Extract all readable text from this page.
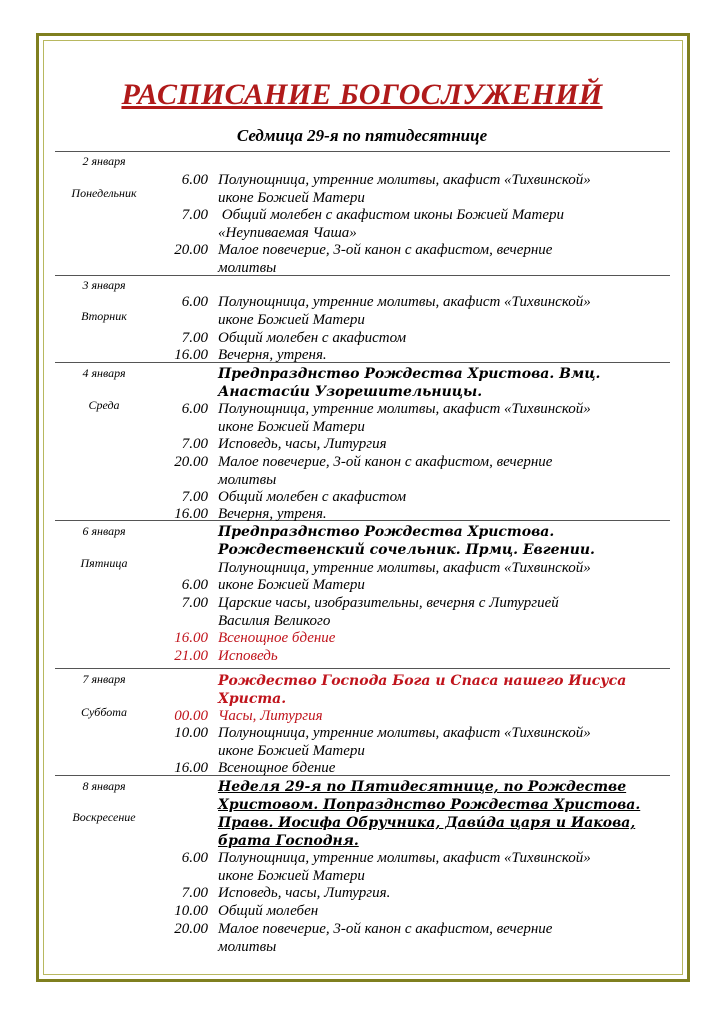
РАСПИСАНИЕ БОГОСЛУЖЕНИЙ
Седмица 29-я по пятидесятнице
2 января
Понедельник
6.00 Полунощница, утренние молитвы, акафист «Тихвинской»
иконе Божией Матери
7.00 Общий молебен с акафистом иконы Божией Матери
«Неупиваемая Чаша»
20.00 Малое повечерие, 3-ой канон с акафистом, вечерние
молитвы
3 января
Вторник
6.00 Полунощница, утренние молитвы, акафист «Тихвинской»
иконе Божией Матери
7.00 Общий молебен с акафистом
16.00 Вечерня, утреня.
4 января
Среда
Предпразднство Рождества Христова. Вмц.
Анастаси́и Узорешительницы.
6.00 Полунощница, утренние молитвы, акафист «Тихвинской»
иконе Божией Матери
7.00 Исповедь, часы, Литургия
20.00 Малое повечерие, 3-ой канон с акафистом, вечерние
молитвы
7.00 Общий молебен с акафистом
16.00 Вечерня, утреня.
6 января
Пятница
Предпразднство Рождества Христова.
Рождественский сочельник. Прмц. Евгении.
Полунощница, утренние молитвы, акафист «Тихвинской»
6.00 иконе Божией Матери
7.00 Царские часы, изобразительны, вечерня с Литургией
Василия Великого
16.00 Всенощное бдение
21.00 Исповедь
7 января
Суббота
Рождество Господа Бога и Спаса нашего Иисуса
Христа.
00.00 Часы, Литургия
10.00 Полунощница, утренние молитвы, акафист «Тихвинской»
иконе Божией Матери
16.00 Всенощное бдение
8 января
Воскресение
Неделя 29-я по Пятидесятнице, по Рождестве
Христовом. Попразднство Рождества Христова.
Правв. Иосифа Обручника, Дави́да царя и Иакова,
брата Господня.
6.00 Полунощница, утренние молитвы, акафист «Тихвинской»
иконе Божией Матери
7.00 Исповедь, часы, Литургия.
10.00 Общий молебен
20.00 Малое повечерие, 3-ой канон с акафистом, вечерние
молитвы
